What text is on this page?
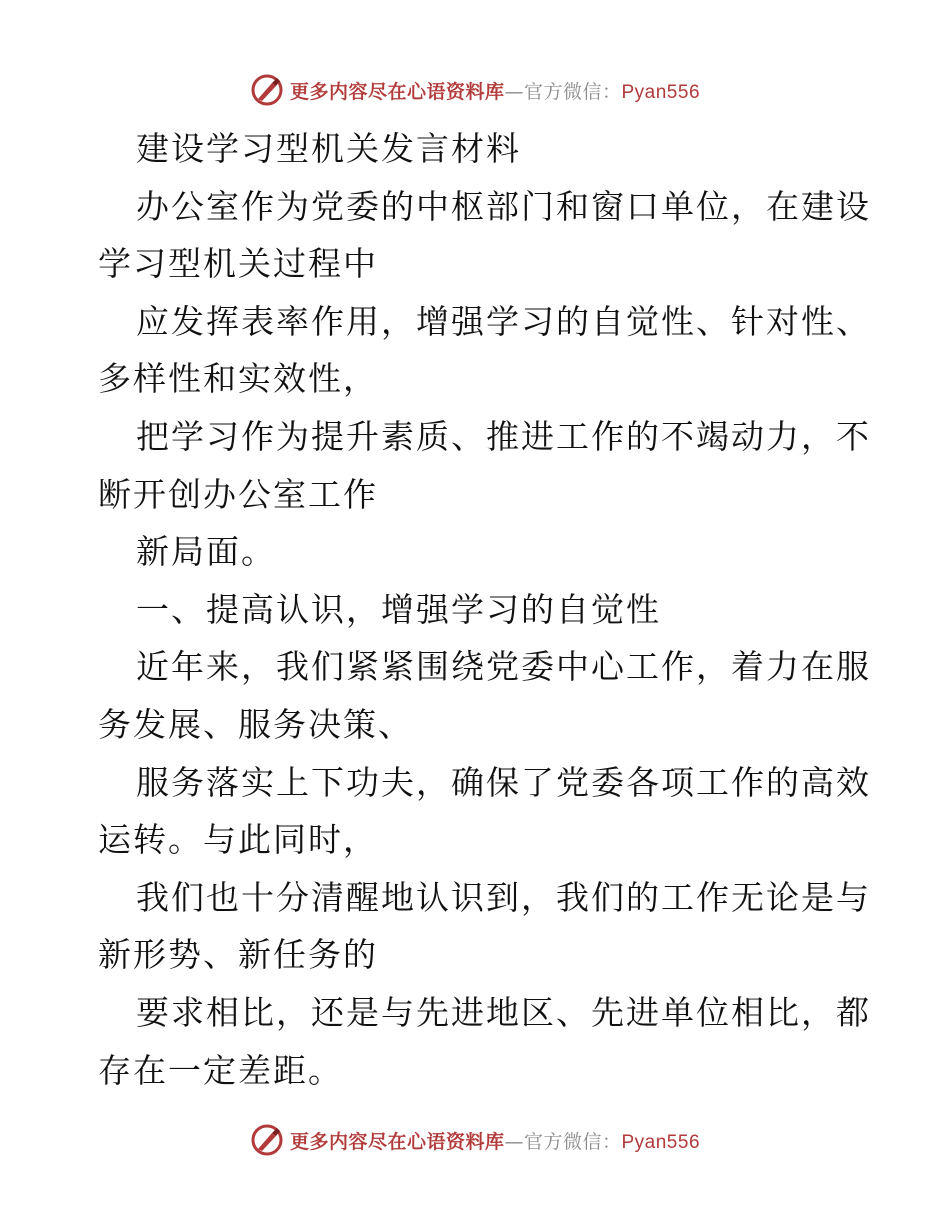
更多内容尽在心语资料库 — 官方微信： Pyan556

建设学习型机关发言材料

办公室作为党委的中枢部门和窗口单位，在建设

学习型机关过程中

应发挥表率作用，增强学习的自觉性、针对性、

多样性和实效性，

把学习作为提升素质、推进工作的不竭动力，不

断开创办公室工作

新局面。

一、提高认识，增强学习的自觉性

近年来，我们紧紧围绕党委中心工作，着力在服

务发展、服务决策、

服务落实上下功夫，确保了党委各项工作的高效

运转。与此同时，

我们也十分清醒地认识到，我们的工作无论是与

新形势、新任务的

要求相比，还是与先进地区、先进单位相比，都

存在一定差距。

更多内容尽在心语资料库 — 官方微信： Pyan556
